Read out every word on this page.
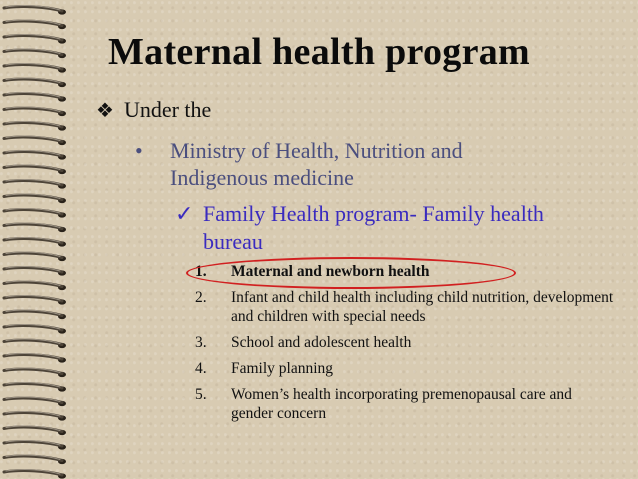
Maternal health program
❖ Under the
• Ministry of Health, Nutrition and Indigenous medicine
✓ Family Health program- Family health bureau
1. Maternal and newborn health
2. Infant and child health including child nutrition, development and children with special needs
3. School and adolescent health
4. Family planning
5. Women’s health incorporating premenopausal care and gender concern
